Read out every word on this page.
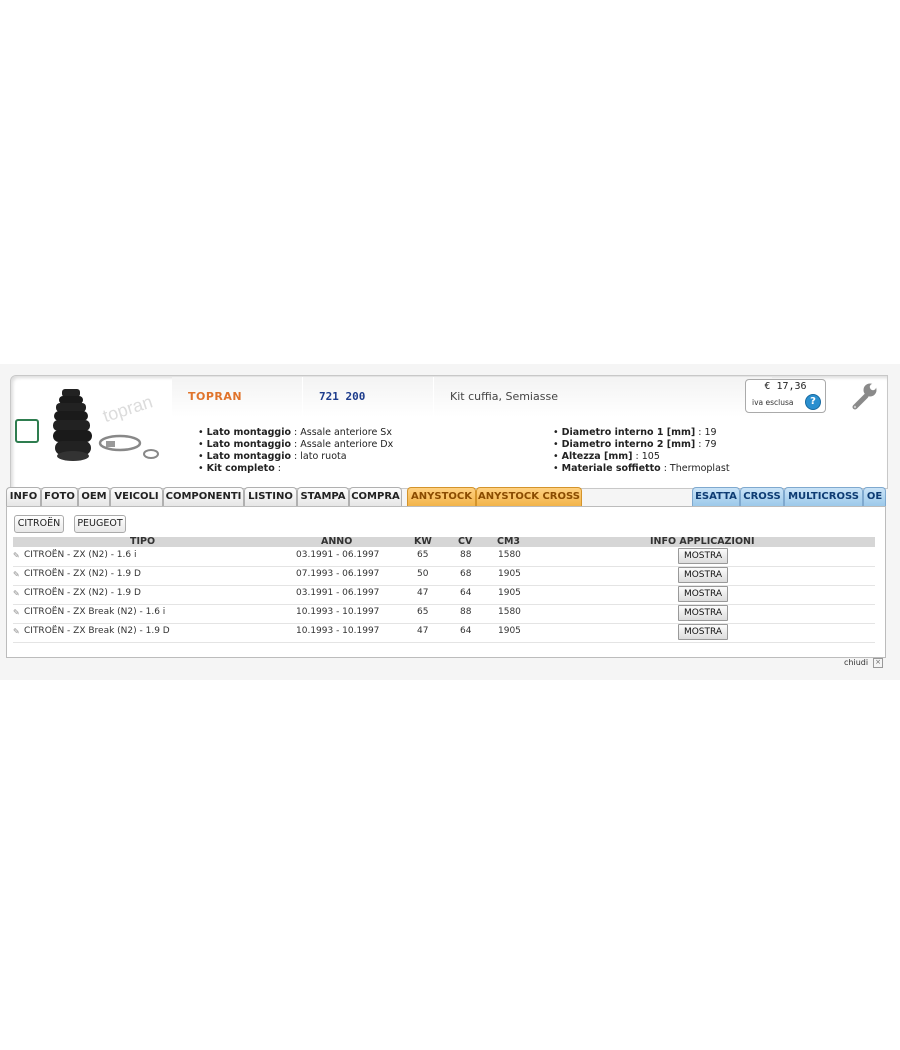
topran	TOPRAN	721 200	Kit cuffia, Semiasse
€ 17,36
iva esclusa	?
• Lato montaggio : Assale anteriore Sx
• Lato montaggio : Assale anteriore Dx
• Lato montaggio : lato ruota
• Kit completo :
• Diametro interno 1 [mm] : 19
• Diametro interno 2 [mm] : 79
• Altezza [mm] : 105
• Materiale soffietto : Thermoplast
INFO FOTO OEM VEICOLI COMPONENTI LISTINO STAMPA COMPRA	ANYSTOCK ANYSTOCK CROSS	ESATTA CROSS MULTICROSS OE
CITROËN	PEUGEOT
TIPO	ANNO	KW	CV	CM3	INFO APPLICAZIONI
✎ CITROËN - ZX (N2) - 1.6 i	03.1991 - 06.1997	65	88	1580	MOSTRA
✎ CITROËN - ZX (N2) - 1.9 D	07.1993 - 06.1997	50	68	1905	MOSTRA
✎ CITROËN - ZX (N2) - 1.9 D	03.1991 - 06.1997	47	64	1905	MOSTRA
✎ CITROËN - ZX Break (N2) - 1.6 i	10.1993 - 10.1997	65	88	1580	MOSTRA
✎ CITROËN - ZX Break (N2) - 1.9 D	10.1993 - 10.1997	47	64	1905	MOSTRA
chiudi ×
